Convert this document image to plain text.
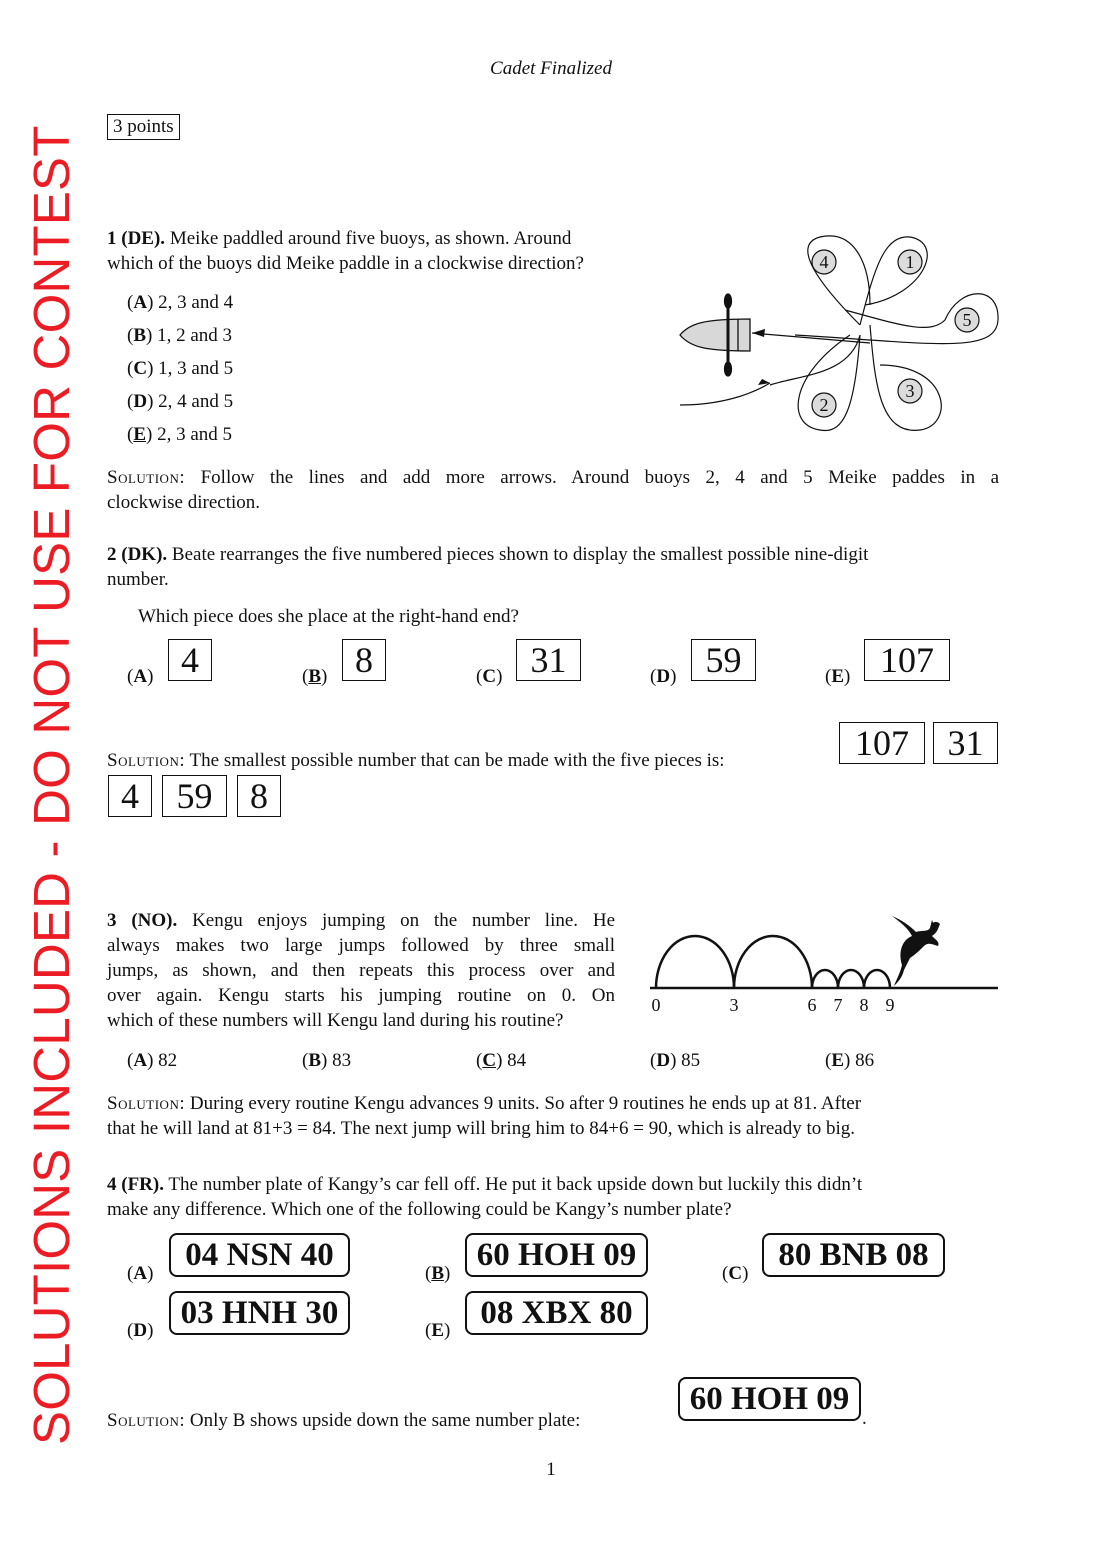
Cadet Finalized
SOLUTIONS INCLUDED - DO NOT USE FOR CONTEST	3 points
1 (DE). Meike paddled around five buoys, as shown. Around
which of the buoys did Meike paddle in a clockwise direction?
(A) 2, 3 and 4
(B) 1, 2 and 3
(C) 1, 3 and 5
(D) 2, 4 and 5
(E) 2, 3 and 5
4	1
5
3
2
Solution: Follow the lines and add more arrows. Around buoys 2, 4 and 5 Meike paddes in a
clockwise direction.
2 (DK). Beate rearranges the five numbered pieces shown to display the smallest possible nine-digit
number.
Which piece does she place at the right-hand end?
(A) 4	(B) 8	(C) 31	(D) 59	(E) 107
Solution: The smallest possible number that can be made with the five pieces is:	107	31
4	59	8
3 (NO). Kengu enjoys jumping on the number line. He
always makes two large jumps followed by three small
jumps, as shown, and then repeats this process over and
over again. Kengu starts his jumping routine on 0. On
which of these numbers will Kengu land during his routine?
0	3	6 7 8 9
(A) 82	(B) 83	(C) 84	(D) 85	(E) 86
Solution: During every routine Kengu advances 9 units. So after 9 routines he ends up at 81. After
that he will land at 81+3 = 84. The next jump will bring him to 84+6 = 90, which is already to big.
4 (FR). The number plate of Kangy’s car fell off. He put it back upside down but luckily this didn’t
make any difference. Which one of the following could be Kangy’s number plate?
(A)
04 NSN 40
(B)
60 HOH 09
(C)
80 BNB 08
(D) 03 HNH 30	(E) 08 XBX 80
Solution: Only B shows upside down the same number plate:
60 HOH 09
.
1
